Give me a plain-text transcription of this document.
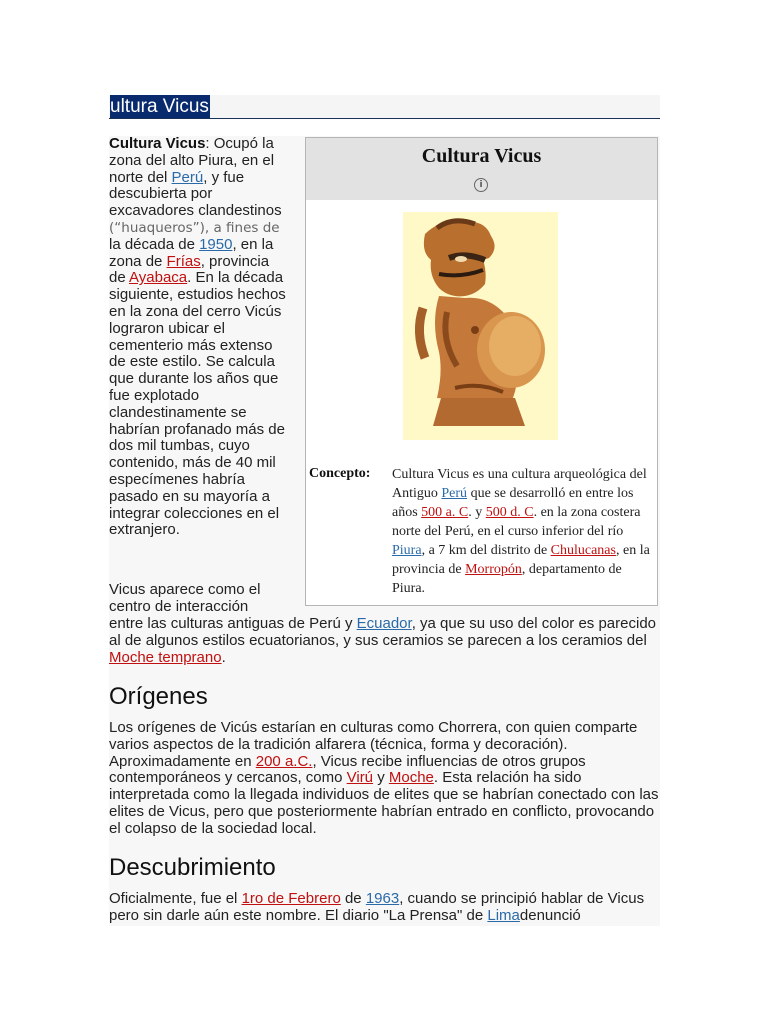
ultura Vicus
Cultura Vicus: Ocupó la zona del alto Piura, en el norte del Perú, y fue descubierta por excavadores clandestinos (“huaqueros”), a fines de la década de 1950, en la zona de Frías, provincia de Ayabaca. En la década siguiente, estudios hechos en la zona del cerro Vicús lograron ubicar el cementerio más extenso de este estilo. Se calcula que durante los años que fue explotado clandestinamente se habrían profanado más de dos mil tumbas, cuyo contenido, más de 40 mil especímenes habría pasado en su mayoría a integrar colecciones en el extranjero.
Cultura Vicus
i
Concepto: Cultura Vicus es una cultura arqueológica del Antiguo Perú que se desarrolló en entre los años 500 a. C. y 500 d. C. en la zona costera norte del Perú, en el curso inferior del río Piura, a 7 km del distrito de Chulucanas, en la provincia de Morropón, departamento de Piura.
Vicus aparece como el
centro de interacción
entre las culturas antiguas de Perú y Ecuador, ya que su uso del color es parecido al de algunos estilos ecuatorianos, y sus ceramios se parecen a los ceramios del Moche temprano.
Orígenes
Los orígenes de Vicús estarían en culturas como Chorrera, con quien comparte varios aspectos de la tradición alfarera (técnica, forma y decoración). Aproximadamente en 200 a.C., Vicus recibe influencias de otros grupos contemporáneos y cercanos, como Virú y Moche. Esta relación ha sido interpretada como la llegada individuos de elites que se habrían conectado con las elites de Vicus, pero que posteriormente habrían entrado en conflicto, provocando el colapso de la sociedad local.
Descubrimiento
Oficialmente, fue el 1ro de Febrero de 1963, cuando se principió hablar de Vicus pero sin darle aún este nombre. El diario "La Prensa" de Limadenunció
